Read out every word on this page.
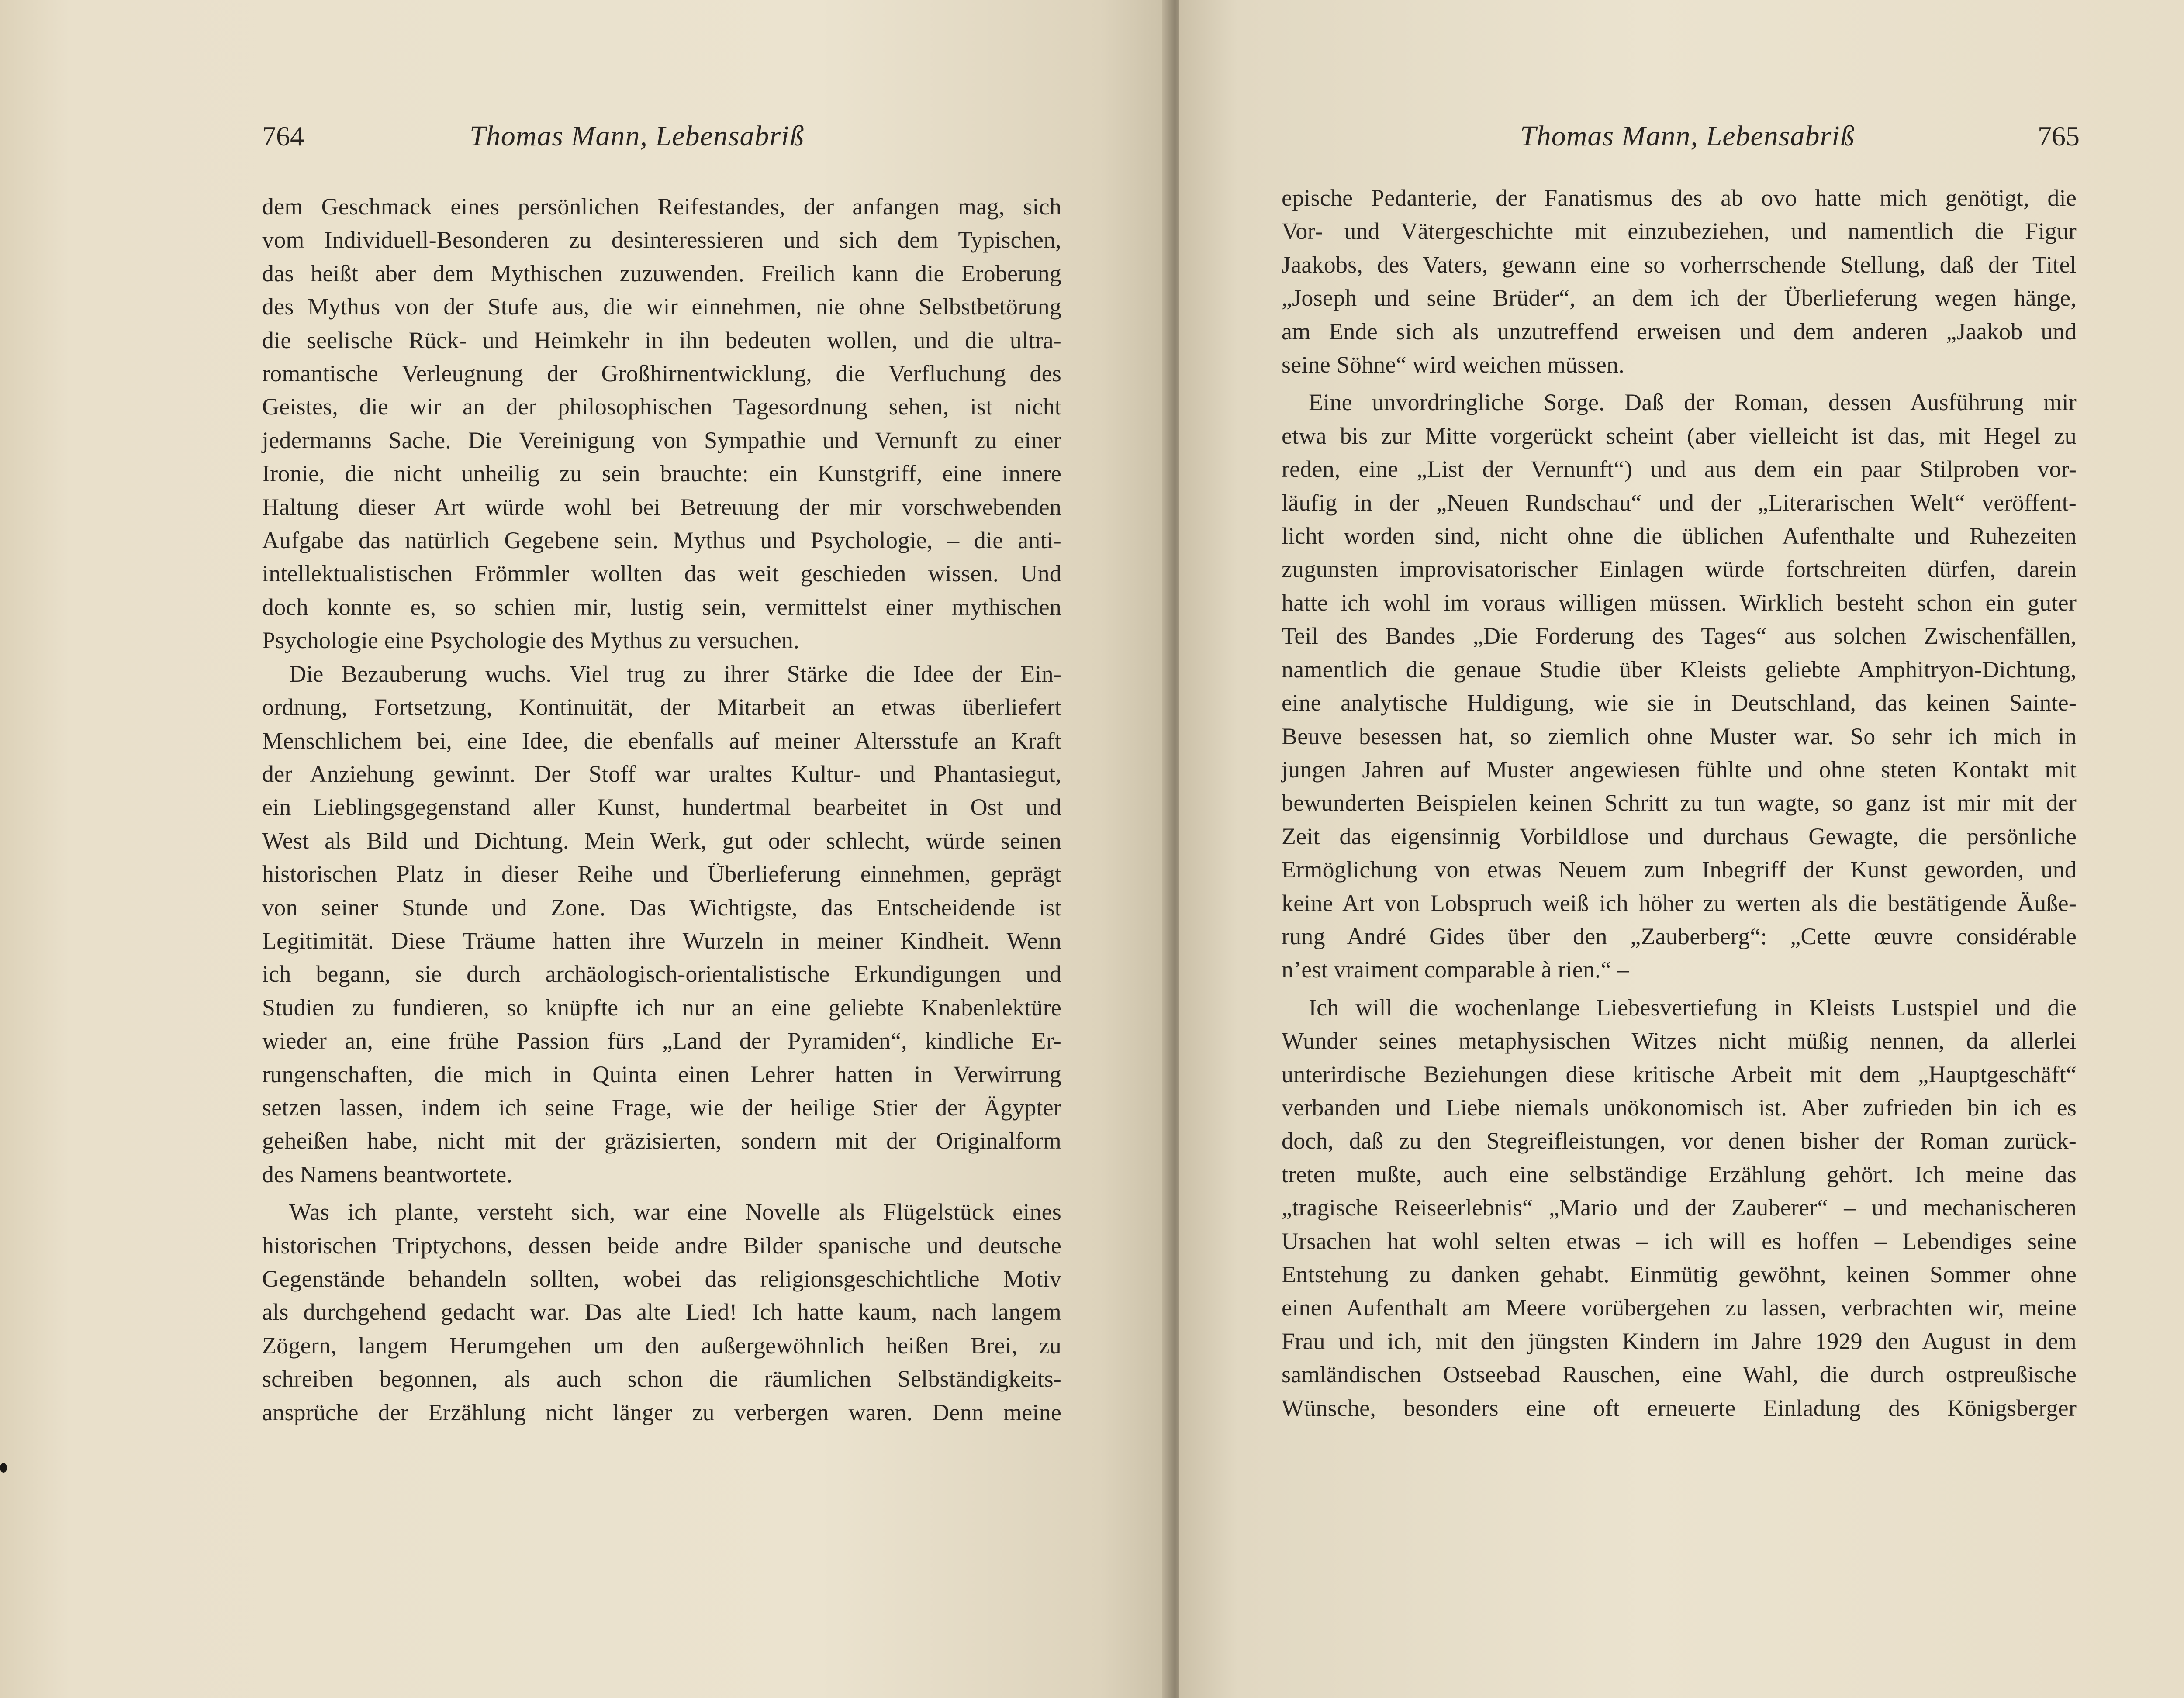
764	Thomas Mann, Lebensabriß
dem Geschmack eines persönlichen Reifestandes, der anfangen mag, sich
vom Individuell-Besonderen zu desinteressieren und sich dem Typischen,
das heißt aber dem Mythischen zuzuwenden. Freilich kann die Eroberung
des Mythus von der Stufe aus, die wir einnehmen, nie ohne Selbstbetörung
die seelische Rück- und Heimkehr in ihn bedeuten wollen, und die ultra-
romantische Verleugnung der Großhirnentwicklung, die Verfluchung des
Geistes, die wir an der philosophischen Tagesordnung sehen, ist nicht
jedermanns Sache. Die Vereinigung von Sympathie und Vernunft zu einer
Ironie, die nicht unheilig zu sein brauchte: ein Kunstgriff, eine innere
Haltung dieser Art würde wohl bei Betreuung der mir vorschwebenden
Aufgabe das natürlich Gegebene sein. Mythus und Psychologie, – die anti-
intellektualistischen Frömmler wollten das weit geschieden wissen. Und
doch konnte es, so schien mir, lustig sein, vermittelst einer mythischen
Psychologie eine Psychologie des Mythus zu versuchen.
Die Bezauberung wuchs. Viel trug zu ihrer Stärke die Idee der Ein-
ordnung, Fortsetzung, Kontinuität, der Mitarbeit an etwas überliefert
Menschlichem bei, eine Idee, die ebenfalls auf meiner Altersstufe an Kraft
der Anziehung gewinnt. Der Stoff war uraltes Kultur- und Phantasiegut,
ein Lieblingsgegenstand aller Kunst, hundertmal bearbeitet in Ost und
West als Bild und Dichtung. Mein Werk, gut oder schlecht, würde seinen
historischen Platz in dieser Reihe und Überlieferung einnehmen, geprägt
von seiner Stunde und Zone. Das Wichtigste, das Entscheidende ist
Legitimität. Diese Träume hatten ihre Wurzeln in meiner Kindheit. Wenn
ich begann, sie durch archäologisch-orientalistische Erkundigungen und
Studien zu fundieren, so knüpfte ich nur an eine geliebte Knabenlektüre
wieder an, eine frühe Passion fürs „Land der Pyramiden“, kindliche Er-
rungenschaften, die mich in Quinta einen Lehrer hatten in Verwirrung
setzen lassen, indem ich seine Frage, wie der heilige Stier der Ägypter
geheißen habe, nicht mit der gräzisierten, sondern mit der Originalform
des Namens beantwortete.
Was ich plante, versteht sich, war eine Novelle als Flügelstück eines
historischen Triptychons, dessen beide andre Bilder spanische und deutsche
Gegenstände behandeln sollten, wobei das religionsgeschichtliche Motiv
als durchgehend gedacht war. Das alte Lied! Ich hatte kaum, nach langem
Zögern, langem Herumgehen um den außergewöhnlich heißen Brei, zu
schreiben begonnen, als auch schon die räumlichen Selbständigkeits-
ansprüche der Erzählung nicht länger zu verbergen waren. Denn meine
Thomas Mann, Lebensabriß	765
epische Pedanterie, der Fanatismus des ab ovo hatte mich genötigt, die
Vor- und Vätergeschichte mit einzubeziehen, und namentlich die Figur
Jaakobs, des Vaters, gewann eine so vorherrschende Stellung, daß der Titel
„Joseph und seine Brüder“, an dem ich der Überlieferung wegen hänge,
am Ende sich als unzutreffend erweisen und dem anderen „Jaakob und
seine Söhne“ wird weichen müssen.
Eine unvordringliche Sorge. Daß der Roman, dessen Ausführung mir
etwa bis zur Mitte vorgerückt scheint (aber vielleicht ist das, mit Hegel zu
reden, eine „List der Vernunft“) und aus dem ein paar Stilproben vor-
läufig in der „Neuen Rundschau“ und der „Literarischen Welt“ veröffent-
licht worden sind, nicht ohne die üblichen Aufenthalte und Ruhezeiten
zugunsten improvisatorischer Einlagen würde fortschreiten dürfen, darein
hatte ich wohl im voraus willigen müssen. Wirklich besteht schon ein guter
Teil des Bandes „Die Forderung des Tages“ aus solchen Zwischenfällen,
namentlich die genaue Studie über Kleists geliebte Amphitryon-Dichtung,
eine analytische Huldigung, wie sie in Deutschland, das keinen Sainte-
Beuve besessen hat, so ziemlich ohne Muster war. So sehr ich mich in
jungen Jahren auf Muster angewiesen fühlte und ohne steten Kontakt mit
bewunderten Beispielen keinen Schritt zu tun wagte, so ganz ist mir mit der
Zeit das eigensinnig Vorbildlose und durchaus Gewagte, die persönliche
Ermöglichung von etwas Neuem zum Inbegriff der Kunst geworden, und
keine Art von Lobspruch weiß ich höher zu werten als die bestätigende Äuße-
rung André Gides über den „Zauberberg“: „Cette œuvre considérable
n’est vraiment comparable à rien.“ –
Ich will die wochenlange Liebesvertiefung in Kleists Lustspiel und die
Wunder seines metaphysischen Witzes nicht müßig nennen, da allerlei
unterirdische Beziehungen diese kritische Arbeit mit dem „Hauptgeschäft“
verbanden und Liebe niemals unökonomisch ist. Aber zufrieden bin ich es
doch, daß zu den Stegreifleistungen, vor denen bisher der Roman zurück-
treten mußte, auch eine selbständige Erzählung gehört. Ich meine das
„tragische Reiseerlebnis“ „Mario und der Zauberer“ – und mechanischeren
Ursachen hat wohl selten etwas – ich will es hoffen – Lebendiges seine
Entstehung zu danken gehabt. Einmütig gewöhnt, keinen Sommer ohne
einen Aufenthalt am Meere vorübergehen zu lassen, verbrachten wir, meine
Frau und ich, mit den jüngsten Kindern im Jahre 1929 den August in dem
samländischen Ostseebad Rauschen, eine Wahl, die durch ostpreußische
Wünsche, besonders eine oft erneuerte Einladung des Königsberger
